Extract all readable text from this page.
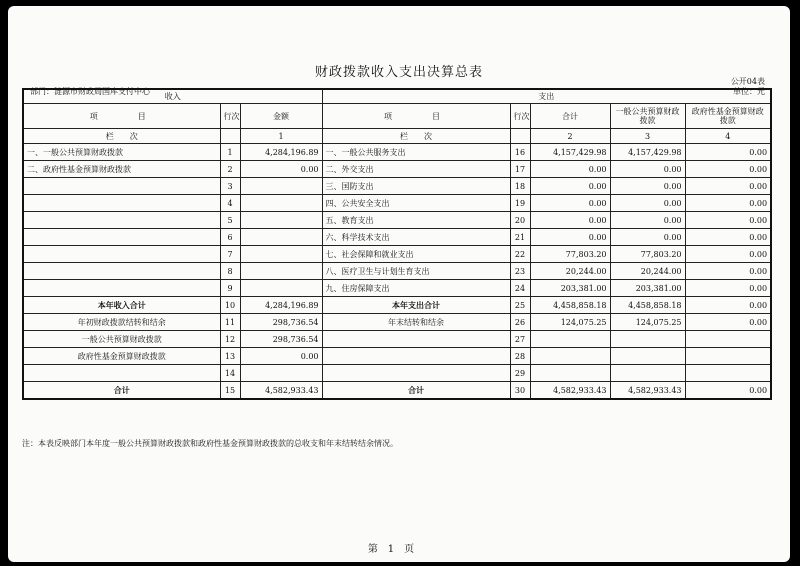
财政拨款收入支出决算总表
公开04表
单位：元
部门：涟源市财政局国库支付中心
收入			支出				
项　　目	行次	金额	项　　目	行次	合计	一般公共预算财政拨款	政府性基金预算财政拨款
栏　　次		1	栏　　次		2	3	4
一、一般公共预算财政拨款	1	4,284,196.89	一、一般公共服务支出	16	4,157,429.98	4,157,429.98	0.00
二、政府性基金预算财政拨款	2	0.00	二、外交支出	17	0.00	0.00	0.00
	3		三、国防支出	18	0.00	0.00	0.00
	4		四、公共安全支出	19	0.00	0.00	0.00
	5		五、教育支出	20	0.00	0.00	0.00
	6		六、科学技术支出	21	0.00	0.00	0.00
	7		七、社会保障和就业支出	22	77,803.20	77,803.20	0.00
	8		八、医疗卫生与计划生育支出	23	20,244.00	20,244.00	0.00
	9		九、住房保障支出	24	203,381.00	203,381.00	0.00
本年收入合计	10	4,284,196.89	本年支出合计	25	4,458,858.18	4,458,858.18	0.00
年初财政拨款结转和结余	11	298,736.54	年末结转和结余	26	124,075.25	124,075.25	0.00
一般公共预算财政拨款	12	298,736.54		27			
政府性基金预算财政拨款	13	0.00		28			
	14			29			
合计	15	4,582,933.43	合计	30	4,582,933.43	4,582,933.43	0.00
注：本表反映部门本年度一般公共预算财政拨款和政府性基金预算财政拨款的总收支和年末结转结余情况。
第　1　页
